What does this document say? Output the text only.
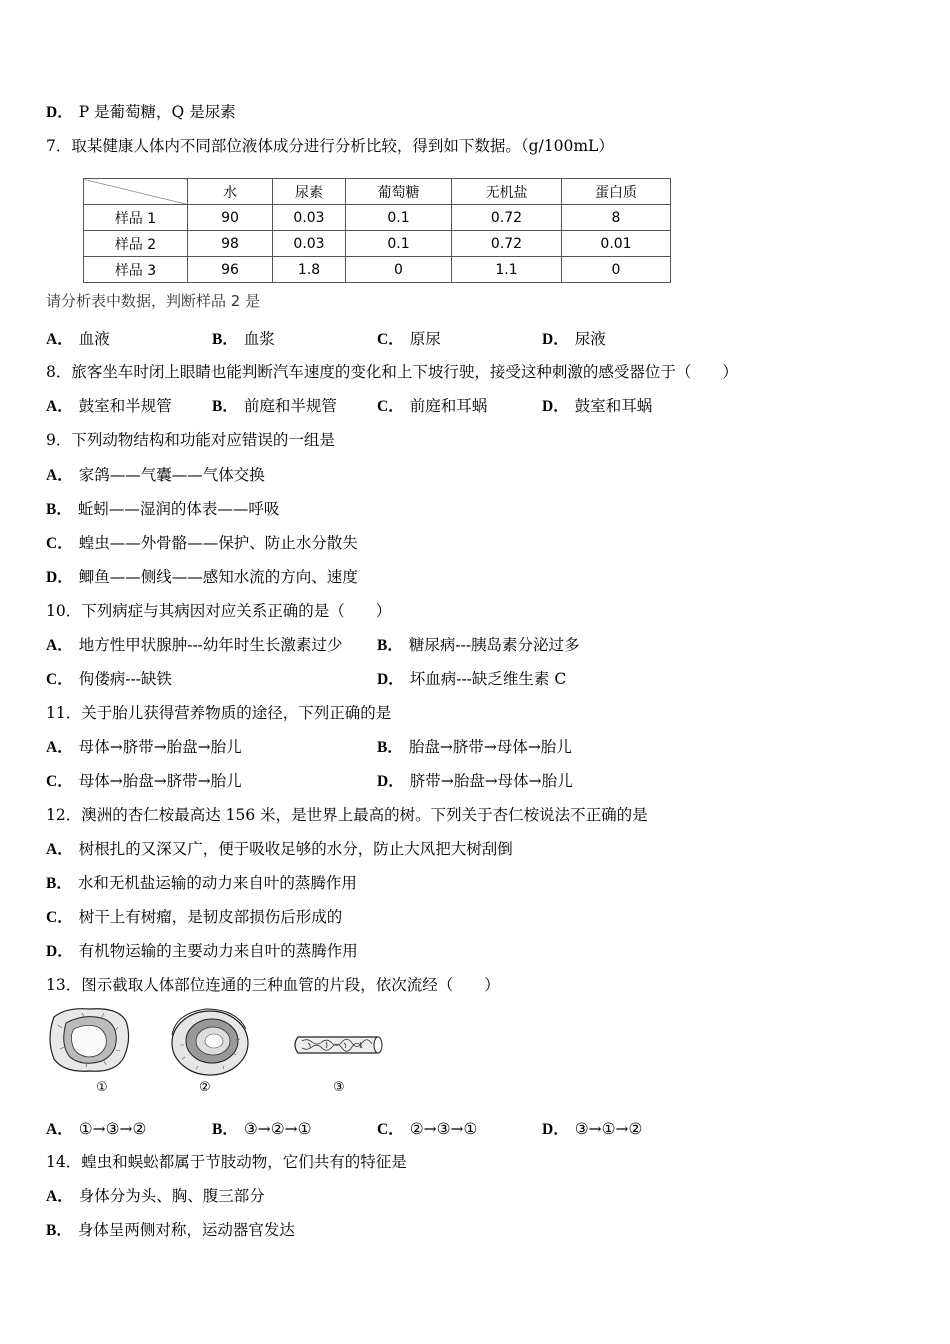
D． P 是葡萄糖，Q 是尿素
7．取某健康人体内不同部位液体成分进行分析比较，得到如下数据。（g/100mL）
	水	尿素	葡萄糖	无机盐	蛋白质
样品 1	90	0.03	0.1	0.72	8
样品 2	98	0.03	0.1	0.72	0.01
样品 3	96	1.8	0	1.1	0
请分析表中数据，判断样品 2 是
A． 血液	B． 血浆	C． 原尿	D． 尿液
8．旅客坐车时闭上眼睛也能判断汽车速度的变化和上下坡行驶，接受这种刺激的感受器位于（　　）
A． 鼓室和半规管	B． 前庭和半规管	C． 前庭和耳蜗	D． 鼓室和耳蜗
9．下列动物结构和功能对应错误的一组是
A． 家鸽——气囊——气体交换
B． 蚯蚓——湿润的体表——呼吸
C． 蝗虫——外骨骼——保护、防止水分散失
D． 鲫鱼——侧线——感知水流的方向、速度
10．下列病症与其病因对应关系正确的是（　　）
A． 地方性甲状腺肿---幼年时生长激素过少 B． 糖尿病---胰岛素分泌过多
C． 佝偻病---缺铁	D． 坏血病---缺乏维生素 C
11．关于胎儿获得营养物质的途径，下列正确的是
A． 母体→脐带→胎盘→胎儿	B． 胎盘→脐带→母体→胎儿
C． 母体→胎盘→脐带→胎儿	D． 脐带→胎盘→母体→胎儿
12．澳洲的杏仁桉最高达 156 米，是世界上最高的树。下列关于杏仁桉说法不正确的是
A． 树根扎的又深又广，便于吸收足够的水分，防止大风把大树刮倒
B． 水和无机盐运输的动力来自叶的蒸腾作用
C． 树干上有树瘤，是韧皮部损伤后形成的
D． 有机物运输的主要动力来自叶的蒸腾作用
13．图示截取人体部位连通的三种血管的片段，依次流经（　　）
①	②	③
A． ①→③→②	B． ③→②→①	C． ②→③→①	D． ③→①→②
14．蝗虫和蜈蚣都属于节肢动物，它们共有的特征是
A． 身体分为头、胸、腹三部分
B． 身体呈两侧对称，运动器官发达
